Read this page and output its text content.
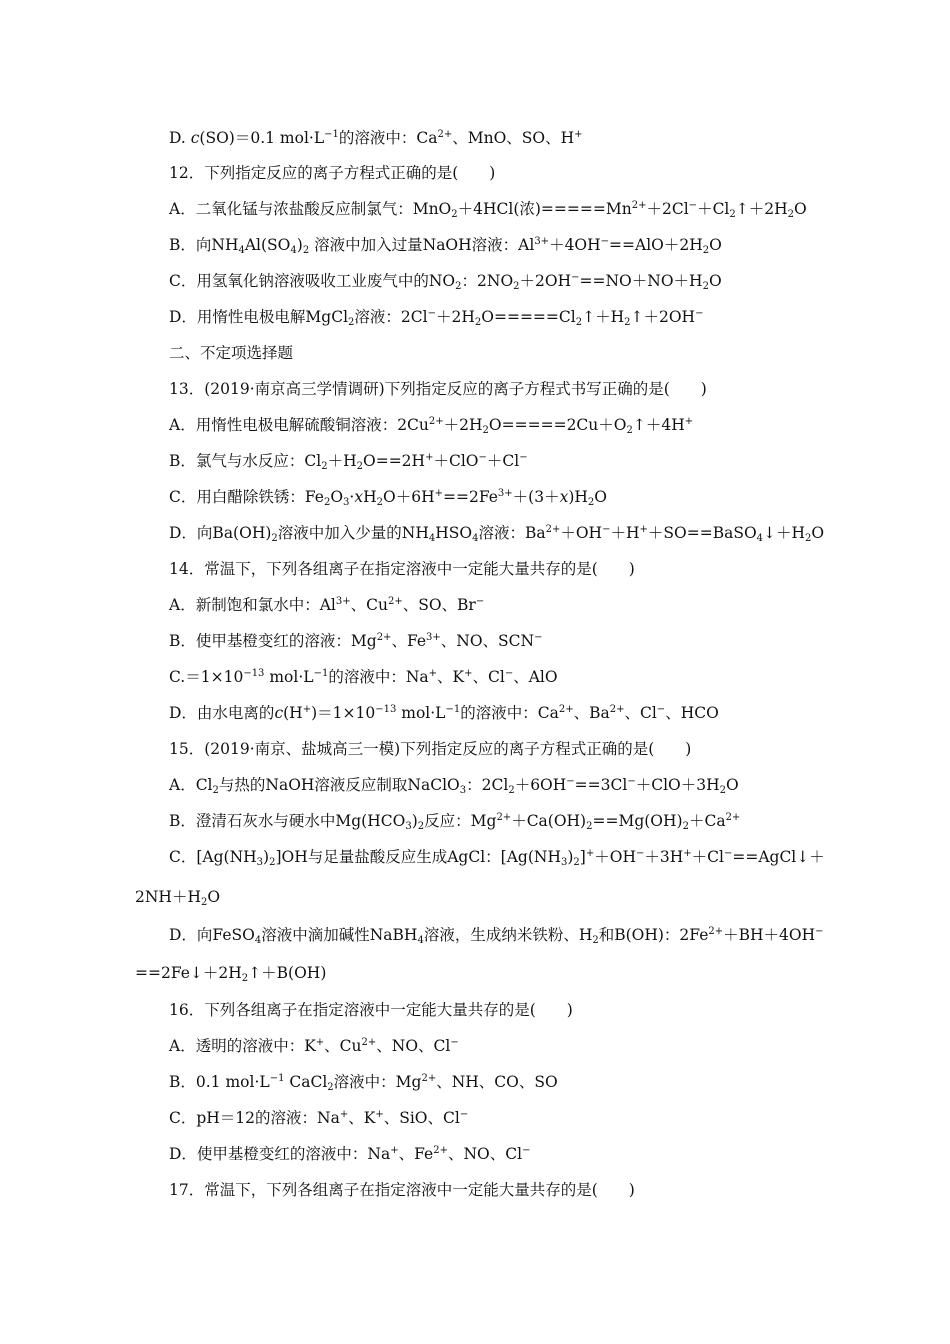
D. c(SO)＝0.1 $mol\cdot L^{-1}$的溶液中：$Ca^{2+}$、MnO、SO、H+
12．下列指定反应的离子方程式正确的是(　　)
A．二氧化锰与浓盐酸反应制氯气：MnO$_2$＋4HCl(浓)$=====Mn^{2+}+2Cl^-+Cl_2↑+2H_2O$
B．向$NH_4Al(SO_4)_2$ 溶液中加入过量NaOH溶液：$Al^{3+}+4OH^-==AlO+2H_2O$
C．用氢氧化钠溶液吸收工业废气中的$NO_2$：$2NO_2+2OH^-==NO+NO+H_2O$
D．用惰性电极电解MgCl$_2$溶液：$2Cl^-+2H_2O=====Cl_2↑+H_2↑+2OH^-$
二、不定项选择题
13．(2019·南京高三学情调研)下列指定反应的离子方程式书写正确的是(　　)
A．用惰性电极电解硫酸铜溶液：$2Cu^{2+}+2H_2O=====2Cu+O_2↑+4H^+$
B．氯气与水反应：$Cl_2+H_2O==2H^++ClO^-+Cl^-$
C．用白醋除铁锈：$Fe_2O_3\cdot xH_2O+6H^+==2Fe^{3+}+(3+x)H_2O$
D．向$Ba(OH)_2$溶液中加入少量的$NH_4HSO_4$溶液：$Ba^{2+}+OH^-+H^++SO==BaSO_4↓+H_2O$
14．常温下，下列各组离子在指定溶液中一定能大量共存的是(　　)
A．新制饱和氯水中：$Al^{3+}$、$Cu^{2+}$、SO、Br−
B．使甲基橙变红的溶液：$Mg^{2+}$、$Fe^{3+}$、NO、SCN−
$C.=1\times 10^{-13}$ $mol\cdot L^{-1}$的溶液中：Na+、K+、Cl−、AlO
D．由水电离的$c(H^+)=1\times 10^{-13}$ $mol\cdot L^{-1}$的溶液中：$Ca^{2+}$、$Ba^{2+}$、Cl−、HCO
15．(2019·南京、盐城高三一模)下列指定反应的离子方程式正确的是(　　)
A．$Cl_2$与热的NaOH溶液反应制取NaClO$_3$：$2Cl_2+6OH^-==3Cl^-+ClO+3H_2O$
B．澄清石灰水与硬水中$Mg(HCO_3)_2$反应：$Mg^{2+}+Ca(OH)_2==Mg(OH)_2+Ca^{2+}$
C．$[Ag(NH_3)_2]OH$与足量盐酸反应生成AgCl：$[Ag(NH_3)_2]^++OH^-+3H^++Cl^-==AgCl↓+$
$2NH+H_2O$
D．向FeSO$_4$溶液中滴加碱性NaBH$_4$溶液，生成纳米铁粉、$H_2$和B(OH)：$2Fe^{2+}+BH+4OH^-$
$==2Fe↓+2H_2↑+B(OH)$
16．下列各组离子在指定溶液中一定能大量共存的是(　　)
A．透明的溶液中：K+、$Cu^{2+}$、NO、Cl−
B．0.1 $mol\cdot L^{-1}$ CaCl$_2$溶液中：$Mg^{2+}$、NH、CO、SO
C．pH＝12的溶液：Na+、K+、SiO、Cl−
D．使甲基橙变红的溶液中：Na+、$Fe^{2+}$、NO、Cl−
17．常温下，下列各组离子在指定溶液中一定能大量共存的是(　　)
